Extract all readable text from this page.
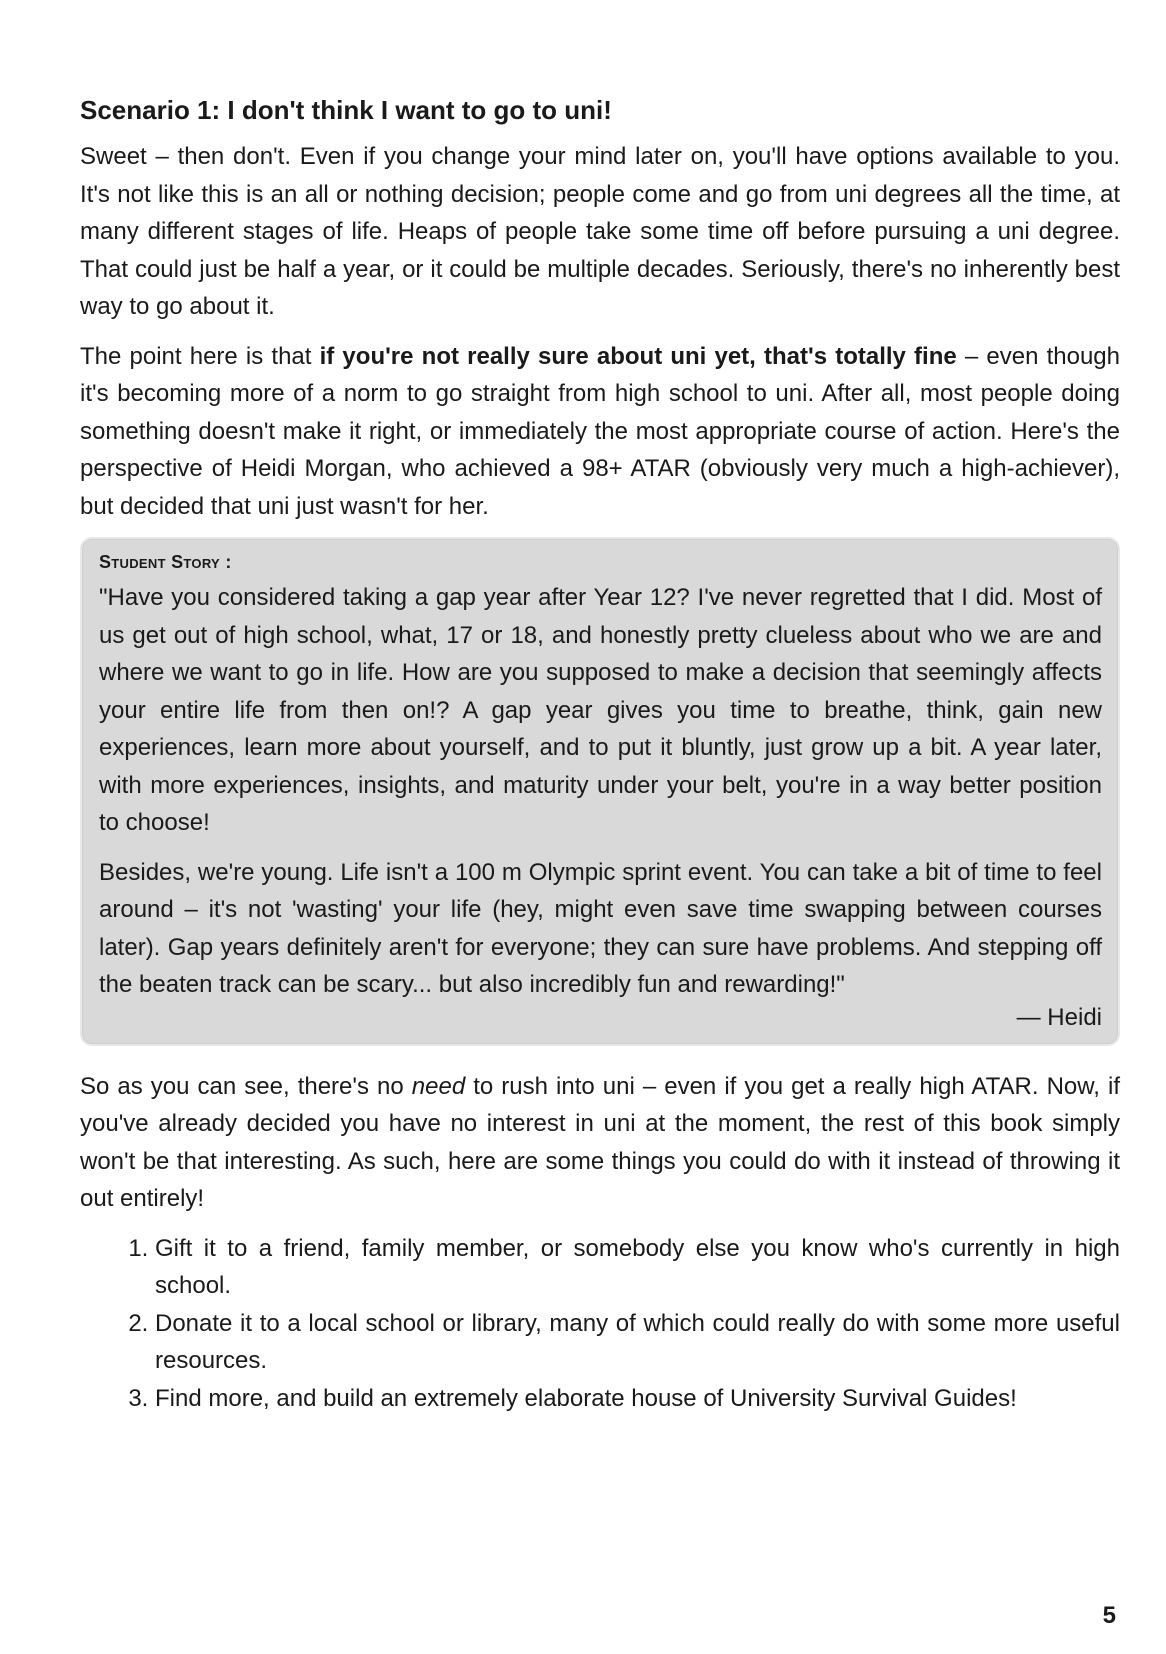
Scenario 1: I don't think I want to go to uni!

Sweet – then don't. Even if you change your mind later on, you'll have options available to you. It's not like this is an all or nothing decision; people come and go from uni degrees all the time, at many different stages of life. Heaps of people take some time off before pursuing a uni degree. That could just be half a year, or it could be multiple decades. Seriously, there's no inherently best way to go about it.

The point here is that if you're not really sure about uni yet, that's totally fine – even though it's becoming more of a norm to go straight from high school to uni. After all, most people doing something doesn't make it right, or immediately the most appropriate course of action. Here's the perspective of Heidi Morgan, who achieved a 98+ ATAR (obviously very much a high-achiever), but decided that uni just wasn't for her.

Student Story :

"Have you considered taking a gap year after Year 12? I've never regretted that I did. Most of us get out of high school, what, 17 or 18, and honestly pretty clueless about who we are and where we want to go in life. How are you supposed to make a decision that seemingly affects your entire life from then on!? A gap year gives you time to breathe, think, gain new experiences, learn more about yourself, and to put it bluntly, just grow up a bit. A year later, with more experiences, insights, and maturity under your belt, you're in a way better position to choose!

Besides, we're young. Life isn't a 100 m Olympic sprint event. You can take a bit of time to feel around – it's not 'wasting' your life (hey, might even save time swapping between courses later). Gap years definitely aren't for everyone; they can sure have problems. And stepping off the beaten track can be scary... but also incredibly fun and rewarding!"

— Heidi

So as you can see, there's no need to rush into uni – even if you get a really high ATAR. Now, if you've already decided you have no interest in uni at the moment, the rest of this book simply won't be that interesting. As such, here are some things you could do with it instead of throwing it out entirely!

1. Gift it to a friend, family member, or somebody else you know who's currently in high school.
2. Donate it to a local school or library, many of which could really do with some more useful resources.
3. Find more, and build an extremely elaborate house of University Survival Guides!
5
